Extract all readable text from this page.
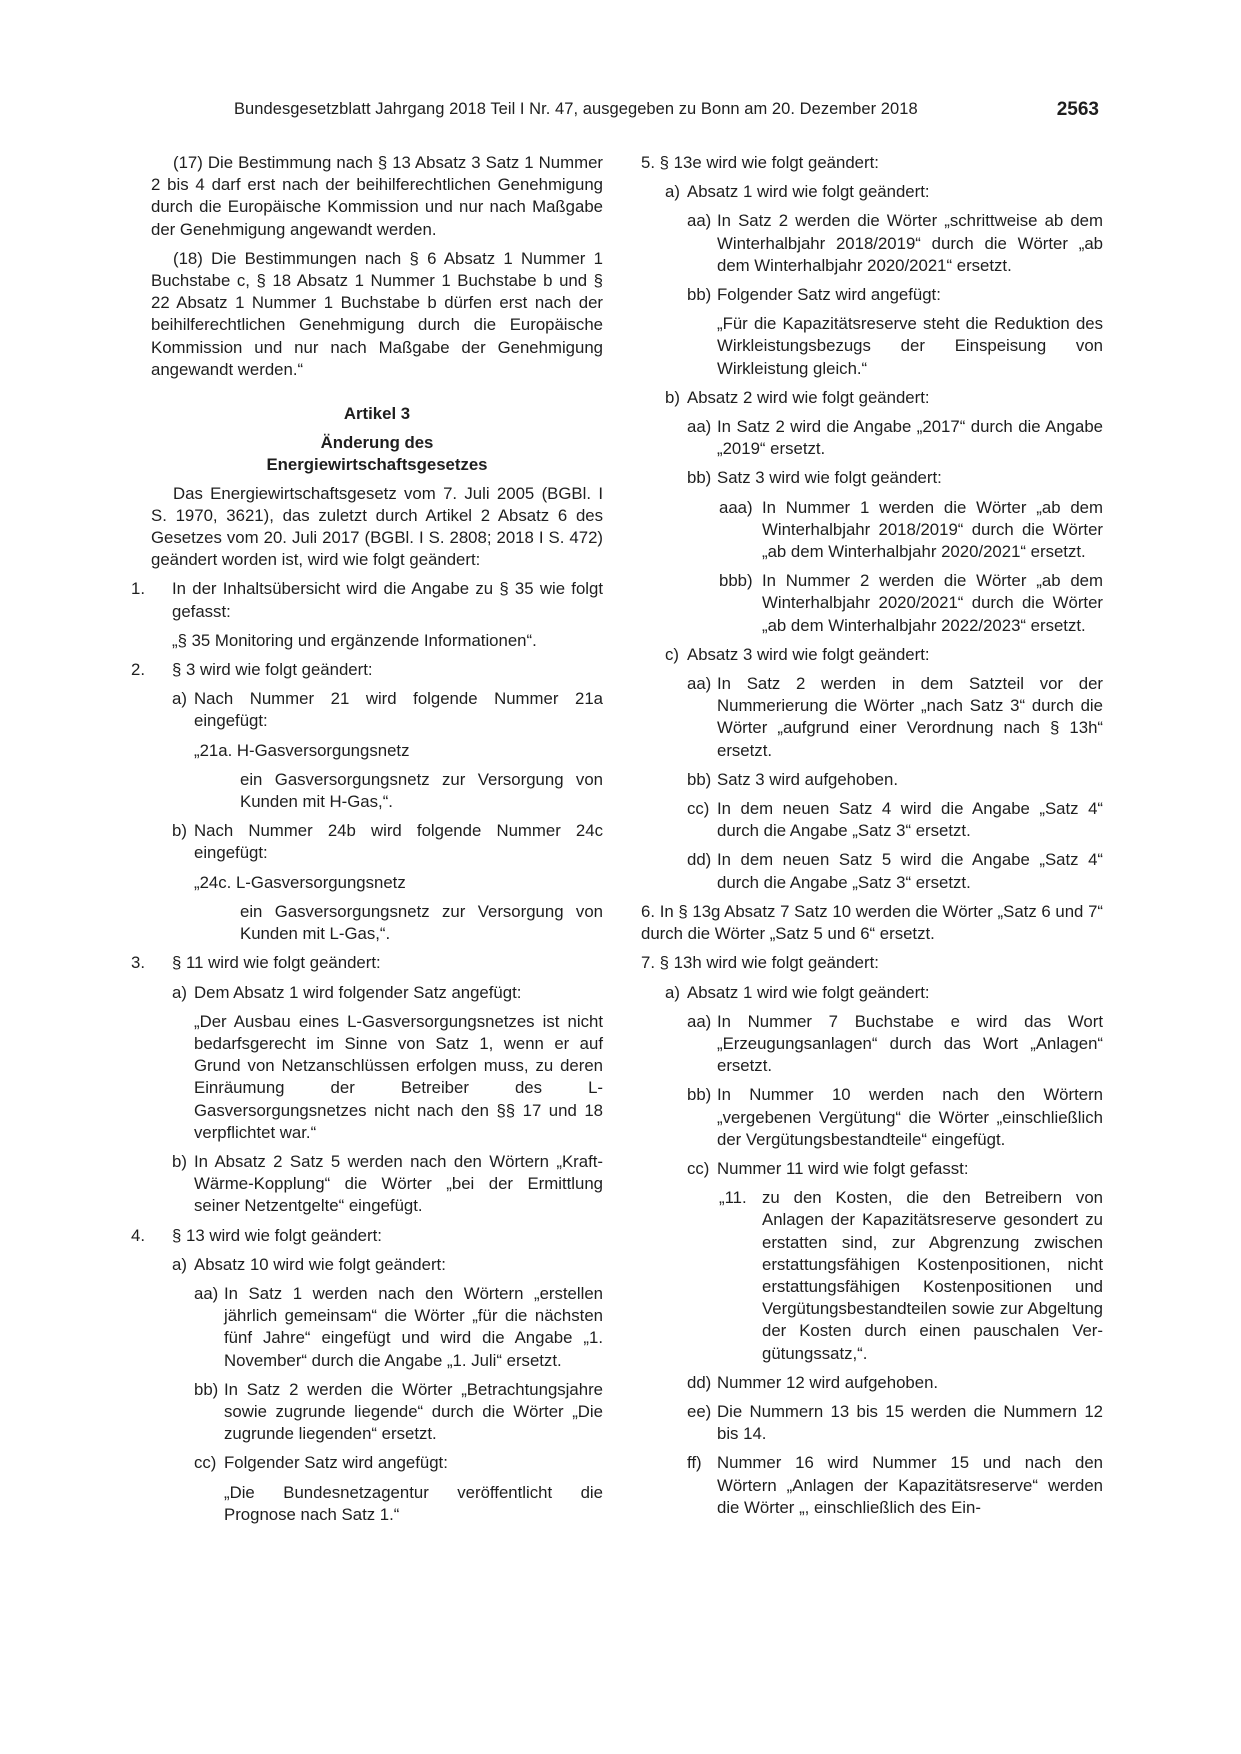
Bundesgesetzblatt Jahrgang 2018 Teil I Nr. 47, ausgegeben zu Bonn am 20. Dezember 2018	2563
(17) Die Bestimmung nach § 13 Absatz 3 Satz 1 Nummer 2 bis 4 darf erst nach der beihilferechtlichen Genehmigung durch die Europäische Kommission und nur nach Maßgabe der Genehmigung angewandt werden.
(18) Die Bestimmungen nach § 6 Absatz 1 Nummer 1 Buchstabe c, § 18 Absatz 1 Nummer 1 Buchstabe b und § 22 Absatz 1 Nummer 1 Buchstabe b dürfen erst nach der beihilferechtlichen Genehmigung durch die Europäische Kommission und nur nach Maßgabe der Genehmigung angewandt werden.“
Artikel 3
Änderung des
Energiewirtschaftsgesetzes
Das Energiewirtschaftsgesetz vom 7. Juli 2005 (BGBl. I S. 1970, 3621), das zuletzt durch Artikel 2 Absatz 6 des Gesetzes vom 20. Juli 2017 (BGBl. I S. 2808; 2018 I S. 472) geändert worden ist, wird wie folgt geändert:
1. In der Inhaltsübersicht wird die Angabe zu § 35 wie folgt gefasst:
„§ 35 Monitoring und ergänzende Informationen“.
2. § 3 wird wie folgt geändert:
a) Nach Nummer 21 wird folgende Nummer 21a eingefügt:
„21a. H-Gasversorgungsnetz
ein Gasversorgungsnetz zur Versorgung von Kunden mit H-Gas,“.
b) Nach Nummer 24b wird folgende Nummer 24c eingefügt:
„24c. L-Gasversorgungsnetz
ein Gasversorgungsnetz zur Versorgung von Kunden mit L-Gas,“.
3. § 11 wird wie folgt geändert:
a) Dem Absatz 1 wird folgender Satz angefügt:
„Der Ausbau eines L-Gasversorgungsnetzes ist nicht bedarfsgerecht im Sinne von Satz 1, wenn er auf Grund von Netzanschlüssen erfolgen muss, zu deren Einräumung der Betreiber des L-Gasversorgungsnetzes nicht nach den §§ 17 und 18 verpflichtet war.“
b) In Absatz 2 Satz 5 werden nach den Wörtern „Kraft-Wärme-Kopplung“ die Wörter „bei der Ermittlung seiner Netzentgelte“ eingefügt.
4. § 13 wird wie folgt geändert:
a) Absatz 10 wird wie folgt geändert:
aa) In Satz 1 werden nach den Wörtern „erstellen jährlich gemeinsam“ die Wörter „für die nächsten fünf Jahre“ eingefügt und wird die Angabe „1. November“ durch die Angabe „1. Juli“ ersetzt.
bb) In Satz 2 werden die Wörter „Betrachtungsjahre sowie zugrunde liegende“ durch die Wörter „Die zugrunde liegenden“ ersetzt.
cc) Folgender Satz wird angefügt:
„Die Bundesnetzagentur veröffentlicht die Prognose nach Satz 1.“
5. § 13e wird wie folgt geändert:
a) Absatz 1 wird wie folgt geändert:
aa) In Satz 2 werden die Wörter „schrittweise ab dem Winterhalbjahr 2018/2019“ durch die Wörter „ab dem Winterhalbjahr 2020/2021“ ersetzt.
bb) Folgender Satz wird angefügt:
„Für die Kapazitätsreserve steht die Reduktion des Wirkleistungsbezugs der Einspeisung von Wirkleistung gleich.“
b) Absatz 2 wird wie folgt geändert:
aa) In Satz 2 wird die Angabe „2017“ durch die Angabe „2019“ ersetzt.
bb) Satz 3 wird wie folgt geändert:
aaa) In Nummer 1 werden die Wörter „ab dem Winterhalbjahr 2018/2019“ durch die Wörter „ab dem Winterhalbjahr 2020/2021“ ersetzt.
bbb) In Nummer 2 werden die Wörter „ab dem Winterhalbjahr 2020/2021“ durch die Wörter „ab dem Winterhalbjahr 2022/2023“ ersetzt.
c) Absatz 3 wird wie folgt geändert:
aa) In Satz 2 werden in dem Satzteil vor der Nummerierung die Wörter „nach Satz 3“ durch die Wörter „aufgrund einer Verordnung nach § 13h“ ersetzt.
bb) Satz 3 wird aufgehoben.
cc) In dem neuen Satz 4 wird die Angabe „Satz 4“ durch die Angabe „Satz 3“ ersetzt.
dd) In dem neuen Satz 5 wird die Angabe „Satz 4“ durch die Angabe „Satz 3“ ersetzt.
6. In § 13g Absatz 7 Satz 10 werden die Wörter „Satz 6 und 7“ durch die Wörter „Satz 5 und 6“ ersetzt.
7. § 13h wird wie folgt geändert:
a) Absatz 1 wird wie folgt geändert:
aa) In Nummer 7 Buchstabe e wird das Wort „Erzeugungsanlagen“ durch das Wort „Anlagen“ ersetzt.
bb) In Nummer 10 werden nach den Wörtern „vergebenen Vergütung“ die Wörter „einschließlich der Vergütungsbestandteile“ eingefügt.
cc) Nummer 11 wird wie folgt gefasst:
„11. zu den Kosten, die den Betreibern von Anlagen der Kapazitätsreserve gesondert zu erstatten sind, zur Abgrenzung zwischen erstattungsfähigen Kostenpositionen, nicht erstattungsfähigen Kostenpositionen und Vergütungsbestandteilen sowie zur Abgeltung der Kosten durch einen pauschalen Vergütungssatz,“.
dd) Nummer 12 wird aufgehoben.
ee) Die Nummern 13 bis 15 werden die Nummern 12 bis 14.
ff) Nummer 16 wird Nummer 15 und nach den Wörtern „Anlagen der Kapazitätsreserve“ werden die Wörter „, einschließlich des Ein-
